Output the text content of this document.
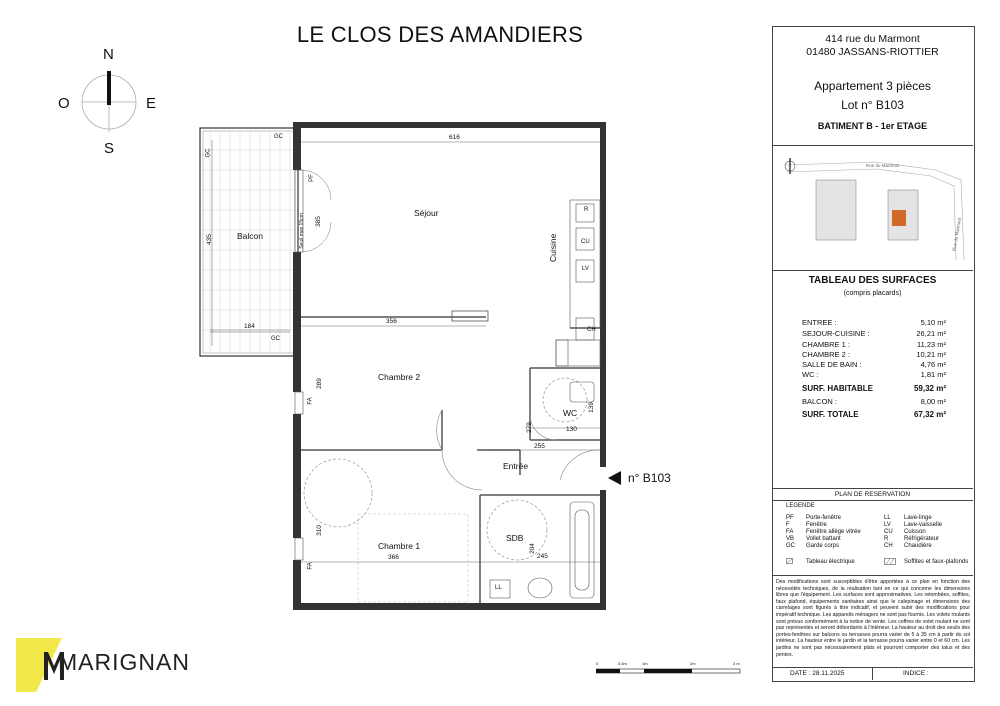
LE CLOS DES AMANDIERS
N
S
O	E
Séjour
Cuisine
Balcon
Chambre 2
Chambre 1
WC
Entrée
SDB
R
CU
LV
CH
LL
GC
GC
GC
PF
FA
FA
Seuil max 15cm
616
435
184
385
356
289
279
139
130
255
310
366
204
245
n° B103
MARIGNAN	0	0.5m	1m	2m	3 m
414 rue du Marmont
01480 JASSANS-RIOTTIER
Appartement 3 pièces
Lot n° B103
BATIMENT B - 1er ETAGE
Rue du Marmont
Rue du Marmont
TABLEAU DES SURFACES
(compris placards)
ENTREE :	5,10 m²
SEJOUR-CUISINE :	26,21 m²
CHAMBRE 1 :	11,23 m²
CHAMBRE 2 :	10,21 m²
SALLE DE BAIN :	4,76 m²
WC :	1,81 m²
SURF. HABITABLE	59,32 m²
BALCON :	8,00 m²
SURF. TOTALE	67,32 m²
PLAN DE RESERVATION
LEGENDE
PF Porte-fenêtre
F	Fenêtre
FA Fenêtre allège vitrée
VB Vollet battant
GC Garde corps
LL Lave-linge
LV Lave-vaisselle
CU Cuisson
R	Réfrigérateur
CH Chaudière
Tableau électrique	Soffites et faux-plafonds
Des modifications sont susceptibles d'être apportées à ce plan en fonction des nécessités techniques, de la réalisation tant en ce qui concerne les dimensions libres que l'équipement. Les surfaces sont approximatives. Les retombées, soffites, faux plafond, équipements sanitaires ainsi que le calepinage et dimensions des carrelages sont figurés à titre indicatif, et peuvent subir des modifications pour impératif technique. Les appareils ménagers ne sont pas fournis. Les volets roulants sont prévus conformément à la notice de vente. Les coffres de volet roulant ne sont pas représentés et seront débordants à l'intérieur. La hauteur au droit des seuils des portes-fenêtres sur balcons ou terrasses pourra varier de 5 à 35 cm à partir du sol intérieur. La hauteur entre le jardin et la terrasse pourra varier entre 0 et 60 cm. Les jardins ne sont pas nécessairement plats et pourront comporter des talus et des pentes.
DATE : 28.11.2025	INDICE :
